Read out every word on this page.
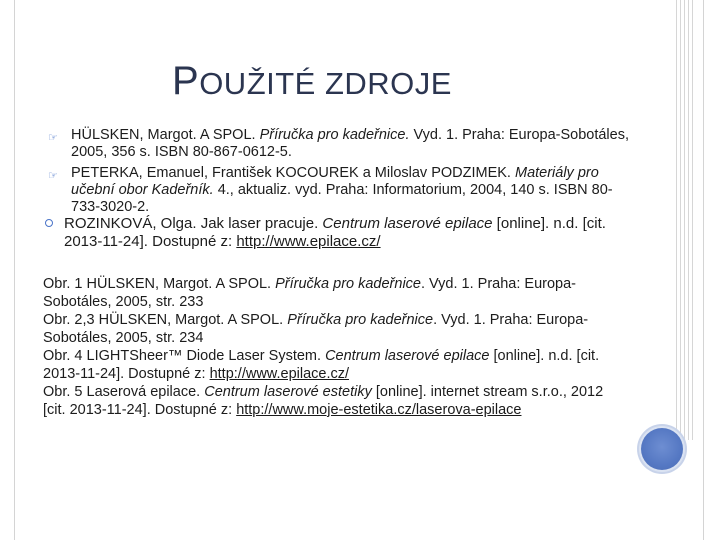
POUŽITÉ ZDROJE
☞ HÜLSKEN, Margot. A SPOL. Příručka pro kadeřnice. Vyd. 1. Praha: Europa-Sobotáles, 2005, 356 s. ISBN 80-867-0612-5.
☞ PETERKA, Emanuel, František KOCOUREK a Miloslav PODZIMEK. Materiály pro učební obor Kadeřník. 4., aktualiz. vyd. Praha: Informatorium, 2004, 140 s. ISBN 80-733-3020-2.
ROZINKOVÁ, Olga. Jak laser pracuje. Centrum laserové epilace [online]. n.d. [cit. 2013-11-24]. Dostupné z: http://www.epilace.cz/

Obr. 1 HÜLSKEN, Margot. A SPOL. Příručka pro kadeřnice. Vyd. 1. Praha: Europa-Sobotáles, 2005, str. 233

Obr. 2,3 HÜLSKEN, Margot. A SPOL. Příručka pro kadeřnice. Vyd. 1. Praha: Europa-Sobotáles, 2005, str. 234

Obr. 4 LIGHTSheer™ Diode Laser System. Centrum laserové epilace [online]. n.d. [cit. 2013-11-24]. Dostupné z: http://www.epilace.cz/

Obr. 5 Laserová epilace. Centrum laserové estetiky [online]. internet stream s.r.o., 2012 [cit. 2013-11-24]. Dostupné z: http://www.moje-estetika.cz/laserova-epilace
